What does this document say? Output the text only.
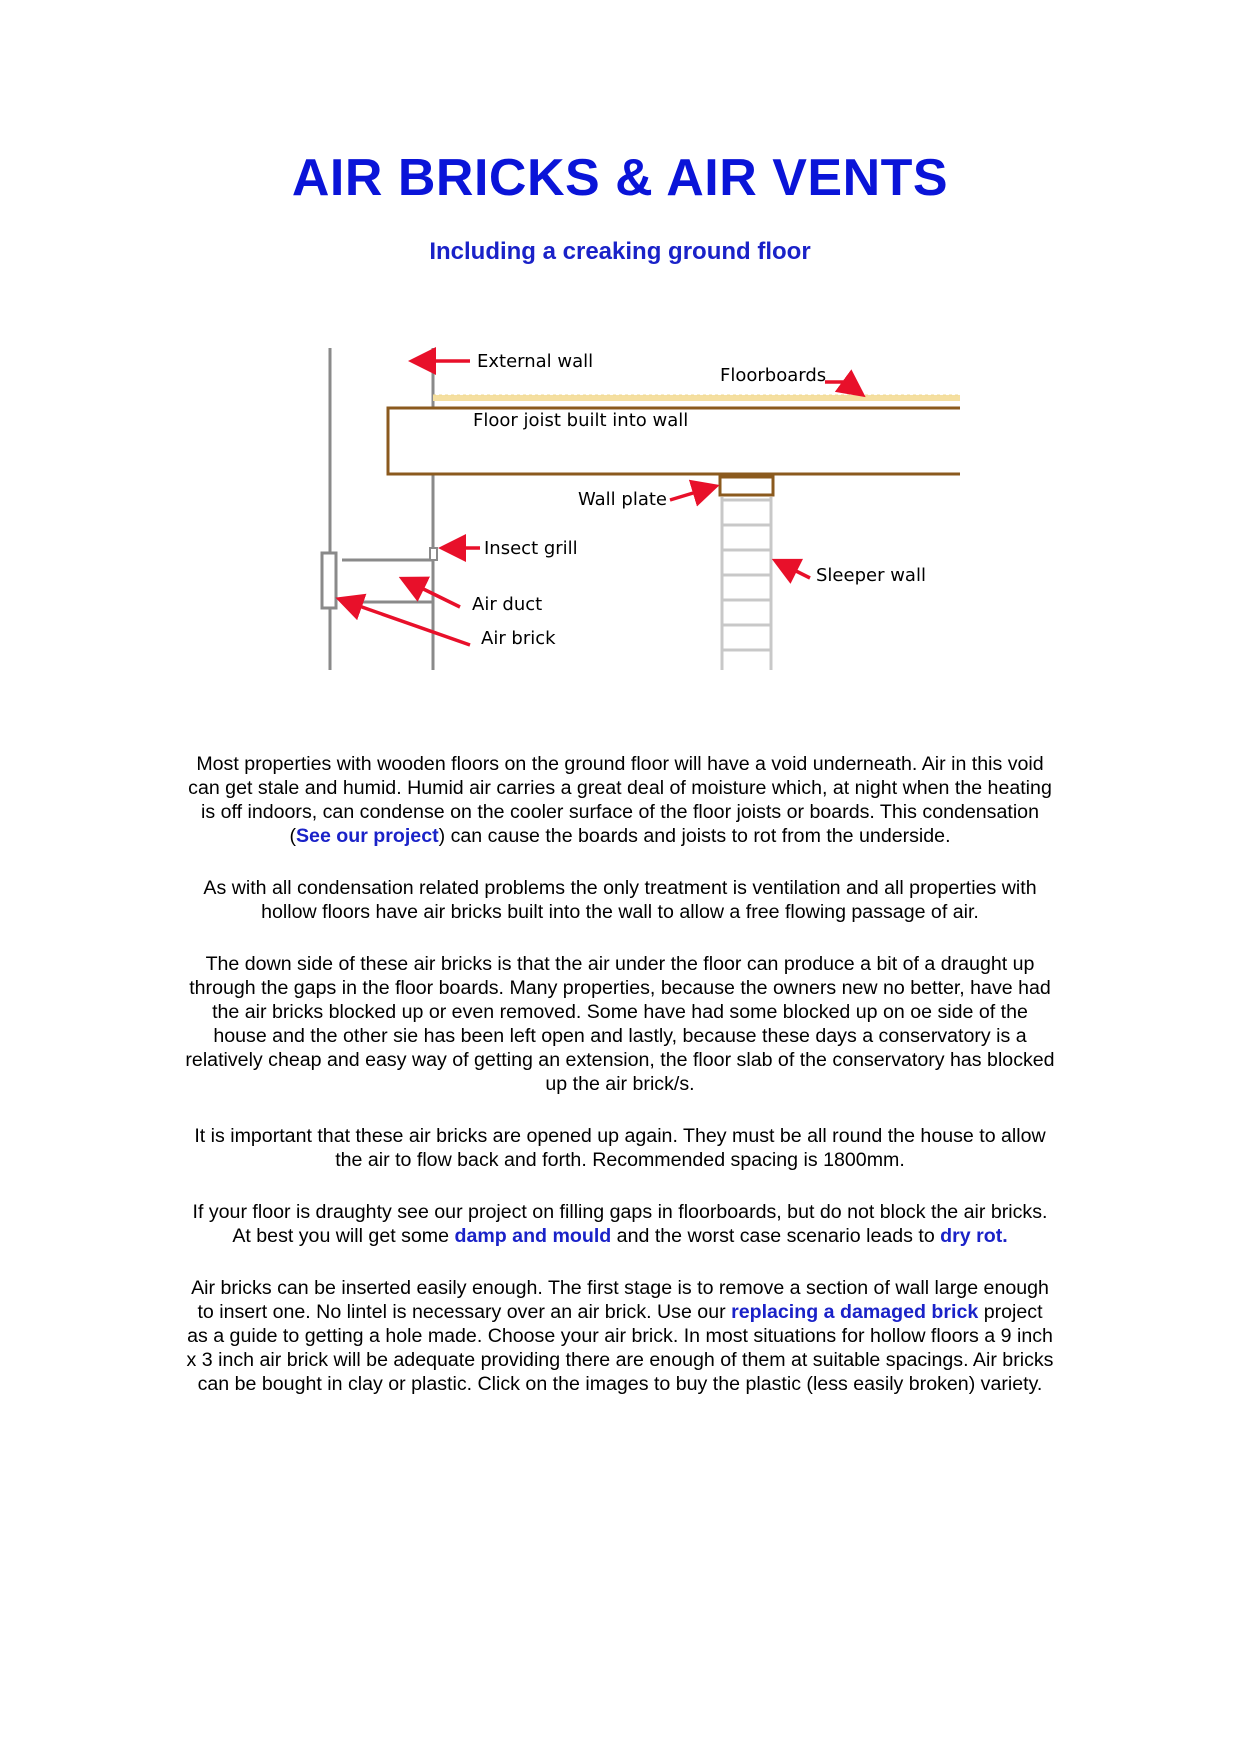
AIR BRICKS & AIR VENTS
Including a creaking ground floor
External wall
Floorboards
Floor joist built into wall
Wall plate
Insect grill
Sleeper wall
Air duct
Air brick

Most properties with wooden floors on the ground floor will have a void underneath. Air in this void can get stale and humid. Humid air carries a great deal of moisture which, at night when the heating is off indoors, can condense on the cooler surface of the floor joists or boards. This condensation (See our project) can cause the boards and joists to rot from the underside.

As with all condensation related problems the only treatment is ventilation and all properties with hollow floors have air bricks built into the wall to allow a free flowing passage of air.

The down side of these air bricks is that the air under the floor can produce a bit of a draught up through the gaps in the floor boards. Many properties, because the owners new no better, have had the air bricks blocked up or even removed. Some have had some blocked up on oe side of the house and the other sie has been left open and lastly, because these days a conservatory is a relatively cheap and easy way of getting an extension, the floor slab of the conservatory has blocked up the air brick/s.

It is important that these air bricks are opened up again. They must be all round the house to allow the air to flow back and forth. Recommended spacing is 1800mm.

If your floor is draughty see our project on filling gaps in floorboards, but do not block the air bricks. At best you will get some damp and mould and the worst case scenario leads to dry rot.

Air bricks can be inserted easily enough. The first stage is to remove a section of wall large enough to insert one. No lintel is necessary over an air brick. Use our replacing a damaged brick project as a guide to getting a hole made. Choose your air brick. In most situations for hollow floors a 9 inch x 3 inch air brick will be adequate providing there are enough of them at suitable spacings. Air bricks can be bought in clay or plastic. Click on the images to buy the plastic (less easily broken) variety.
